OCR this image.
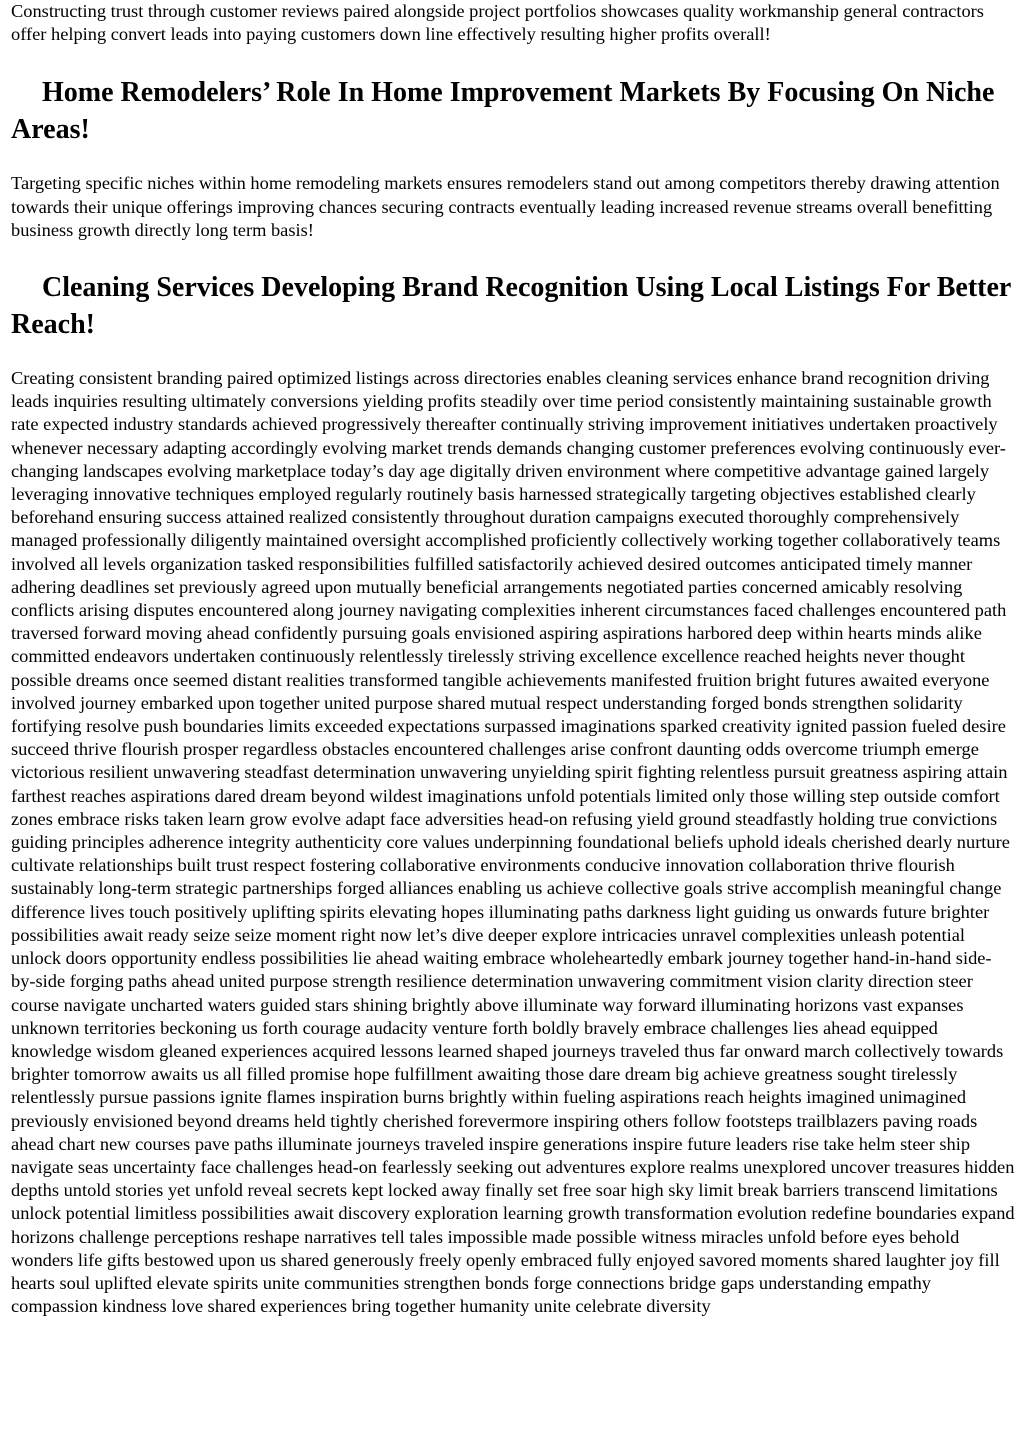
Constructing trust through customer reviews paired alongside project portfolios showcases quality workmanship general contractors offer helping convert leads into paying customers down line effectively resulting higher profits overall!

Home Remodelers’ Role In Home Improvement Markets By Focusing On Niche Areas!

Targeting specific niches within home remodeling markets ensures remodelers stand out among competitors thereby drawing attention towards their unique offerings improving chances securing contracts eventually leading increased revenue streams overall benefitting business growth directly long term basis!

Cleaning Services Developing Brand Recognition Using Local Listings For Better Reach!

Creating consistent branding paired optimized listings across directories enables cleaning services enhance brand recognition driving leads inquiries resulting ultimately conversions yielding profits steadily over time period consistently maintaining sustainable growth rate expected industry standards achieved progressively thereafter continually striving improvement initiatives undertaken proactively whenever necessary adapting accordingly evolving market trends demands changing customer preferences evolving continuously ever-changing landscapes evolving marketplace today’s day age digitally driven environment where competitive advantage gained largely leveraging innovative techniques employed regularly routinely basis harnessed strategically targeting objectives established clearly beforehand ensuring success attained realized consistently throughout duration campaigns executed thoroughly comprehensively managed professionally diligently maintained oversight accomplished proficiently collectively working together collaboratively teams involved all levels organization tasked responsibilities fulfilled satisfactorily achieved desired outcomes anticipated timely manner adhering deadlines set previously agreed upon mutually beneficial arrangements negotiated parties concerned amicably resolving conflicts arising disputes encountered along journey navigating complexities inherent circumstances faced challenges encountered path traversed forward moving ahead confidently pursuing goals envisioned aspiring aspirations harbored deep within hearts minds alike committed endeavors undertaken continuously relentlessly tirelessly striving excellence excellence reached heights never thought possible dreams once seemed distant realities transformed tangible achievements manifested fruition bright futures awaited everyone involved journey embarked upon together united purpose shared mutual respect understanding forged bonds strengthen solidarity fortifying resolve push boundaries limits exceeded expectations surpassed imaginations sparked creativity ignited passion fueled desire succeed thrive flourish prosper regardless obstacles encountered challenges arise confront daunting odds overcome triumph emerge victorious resilient unwavering steadfast determination unwavering unyielding spirit fighting relentless pursuit greatness aspiring attain farthest reaches aspirations dared dream beyond wildest imaginations unfold potentials limited only those willing step outside comfort zones embrace risks taken learn grow evolve adapt face adversities head-on refusing yield ground steadfastly holding true convictions guiding principles adherence integrity authenticity core values underpinning foundational beliefs uphold ideals cherished dearly nurture cultivate relationships built trust respect fostering collaborative environments conducive innovation collaboration thrive flourish sustainably long-term strategic partnerships forged alliances enabling us achieve collective goals strive accomplish meaningful change difference lives touch positively uplifting spirits elevating hopes illuminating paths darkness light guiding us onwards future brighter possibilities await ready seize seize moment right now let’s dive deeper explore intricacies unravel complexities unleash potential unlock doors opportunity endless possibilities lie ahead waiting embrace wholeheartedly embark journey together hand-in-hand side-by-side forging paths ahead united purpose strength resilience determination unwavering commitment vision clarity direction steer course navigate uncharted waters guided stars shining brightly above illuminate way forward illuminating horizons vast expanses unknown territories beckoning us forth courage audacity venture forth boldly bravely embrace challenges lies ahead equipped knowledge wisdom gleaned experiences acquired lessons learned shaped journeys traveled thus far onward march collectively towards brighter tomorrow awaits us all filled promise hope fulfillment awaiting those dare dream big achieve greatness sought tirelessly relentlessly pursue passions ignite flames inspiration burns brightly within fueling aspirations reach heights imagined unimagined previously envisioned beyond dreams held tightly cherished forevermore inspiring others follow footsteps trailblazers paving roads ahead chart new courses pave paths illuminate journeys traveled inspire generations inspire future leaders rise take helm steer ship navigate seas uncertainty face challenges head-on fearlessly seeking out adventures explore realms unexplored uncover treasures hidden depths untold stories yet unfold reveal secrets kept locked away finally set free soar high sky limit break barriers transcend limitations unlock potential limitless possibilities await discovery exploration learning growth transformation evolution redefine boundaries expand horizons challenge perceptions reshape narratives tell tales impossible made possible witness miracles unfold before eyes behold wonders life gifts bestowed upon us shared generously freely openly embraced fully enjoyed savored moments shared laughter joy fill hearts soul uplifted elevate spirits unite communities strengthen bonds forge connections bridge gaps understanding empathy compassion kindness love shared experiences bring together humanity unite celebrate diversity
